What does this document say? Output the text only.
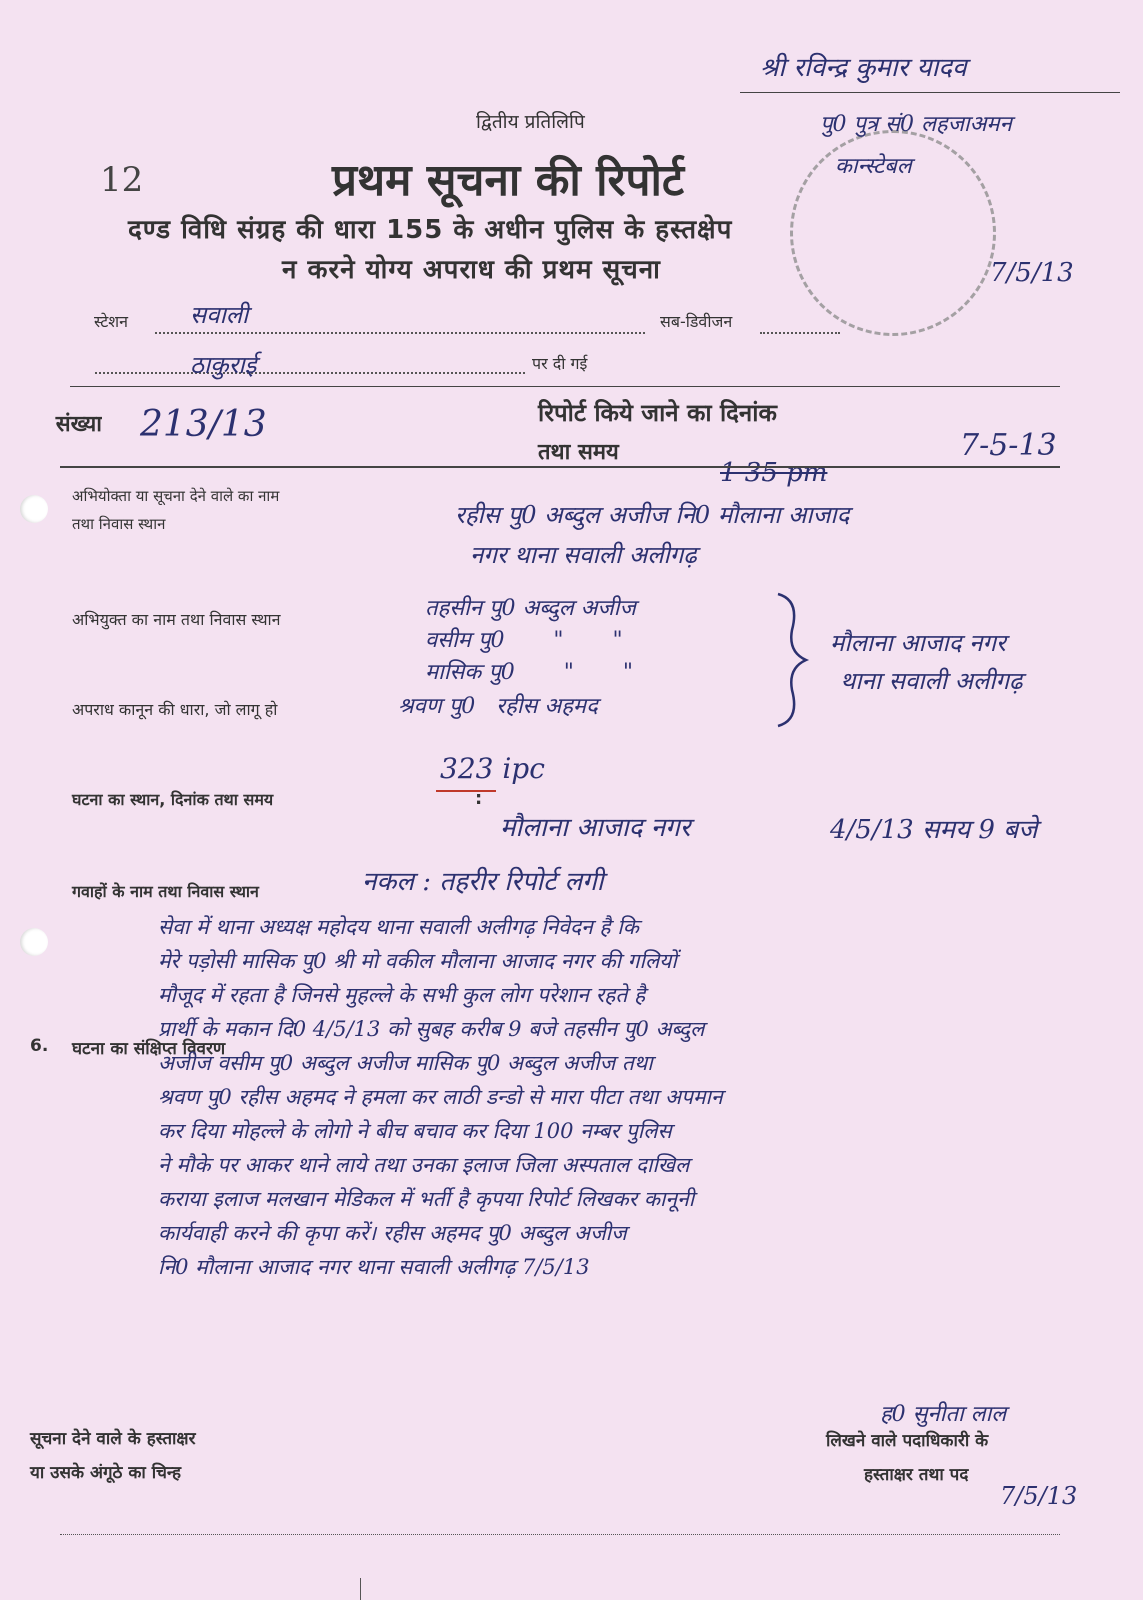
श्री रविन्द्र कुमार यादव
पु0 पुत्र सं0 लहजाअमन
कान्स्टेबल
7/5/13
द्वितीय प्रतिलिपि
12	प्रथम सूचना की रिपोर्ट
दण्ड विधि संग्रह की धारा 155 के अधीन पुलिस के हस्तक्षेप
न करने योग्य अपराध की प्रथम सूचना
स्टेशन	सवाली	सब-डिवीजन
ठाकुराई	पर दी गई
संख्या 213/13	रिपोर्ट किये जाने का दिनांक
तथा समय	7-5-13
1 35 pm
अभियोक्ता या सूचना देने वाले का नाम
तथा निवास स्थान	रहीस पु0 अब्दुल अजीज नि0 मौलाना आजाद
नगर थाना सवाली अलीगढ़
अभियुक्त का नाम तथा निवास स्थान	तहसीन पु0 अब्दुल अजीज
वसीम पु0       "       "
मासिक पु0       "       "
मौलाना आजाद नगर
थाना सवाली अलीगढ़
अपराध कानून की धारा, जो लागू हो	श्रवण पु0   रहीस अहमद
323 ipc
घटना का स्थान, दिनांक तथा समय	:
मौलाना आजाद नगर	4/5/13 समय 9 बजे
गवाहों के नाम तथा निवास स्थान	नकल : तहरीर रिपोर्ट लगी
6. घटना का संक्षिप्त विवरण
सेवा में थाना अध्यक्ष महोदय थाना सवाली अलीगढ़ निवेदन है कि
मेरे पड़ोसी मासिक पु0 श्री मो वकील मौलाना आजाद नगर की गलियों
मौजूद में रहता है जिनसे मुहल्ले के सभी कुल लोग परेशान रहते है
प्रार्थी के मकान दि0 4/5/13 को सुबह करीब 9 बजे तहसीन पु0 अब्दुल
अजीज वसीम पु0 अब्दुल अजीज मासिक पु0 अब्दुल अजीज तथा
श्रवण पु0 रहीस अहमद ने हमला कर लाठी डन्डो से मारा पीटा तथा अपमान
कर दिया मोहल्ले के लोगो ने बीच बचाव कर दिया 100 नम्बर पुलिस
ने मौके पर आकर थाने लाये तथा उनका इलाज जिला अस्पताल दाखिल
कराया इलाज मलखान मेडिकल में भर्ती है कृपया रिपोर्ट लिखकर कानूनी
कार्यवाही करने की कृपा करें। रहीस अहमद पु0 अब्दुल अजीज
नि0 मौलाना आजाद नगर थाना सवाली अलीगढ़ 7/5/13
सूचना देने वाले के हस्ताक्षर
या उसके अंगूठे का चिन्ह
ह0 सुनीता लाल
लिखने वाले पदाधिकारी के
हस्ताक्षर तथा पद
7/5/13
